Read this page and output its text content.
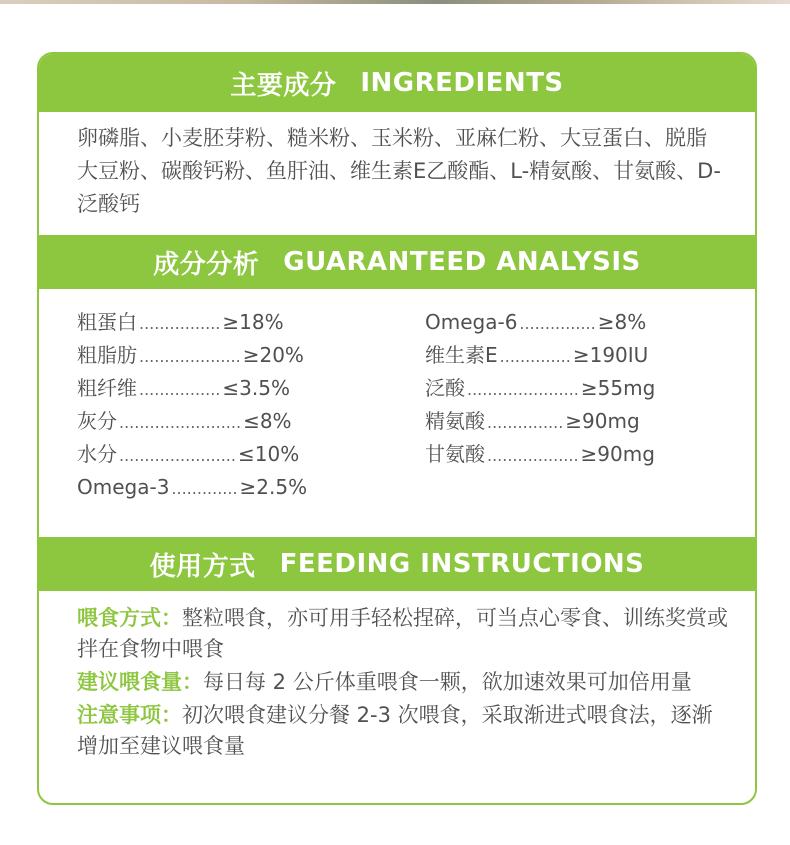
主要成分 INGREDIENTS
卵磷脂、小麦胚芽粉、糙米粉、玉米粉、亚麻仁粉、大豆蛋白、脱脂大豆粉、碳酸钙粉、鱼肝油、维生素E乙酸酯、L-精氨酸、甘氨酸、D-泛酸钙
成分分析 GUARANTEED ANALYSIS
粗蛋白 ................ ≥18%
粗脂肪 .................... ≥20%
粗纤维 ................ ≤3.5%
灰分 ........................ ≤8%
水分 ....................... ≤10%
Omega-3 ............. ≥2.5%
Omega-6 ............... ≥8%
维生素E .............. ≥190IU
泛酸 ...................... ≥55mg
精氨酸 ............... ≥90mg
甘氨酸 .................. ≥90mg
使用方式 FEEDING INSTRUCTIONS
喂食方式：整粒喂食，亦可用手轻松捏碎，可当点心零食、训练奖赏或拌在食物中喂食
建议喂食量：每日每 2 公斤体重喂食一颗，欲加速效果可加倍用量
注意事项：初次喂食建议分餐 2-3 次喂食，采取渐进式喂食法，逐渐增加至建议喂食量
